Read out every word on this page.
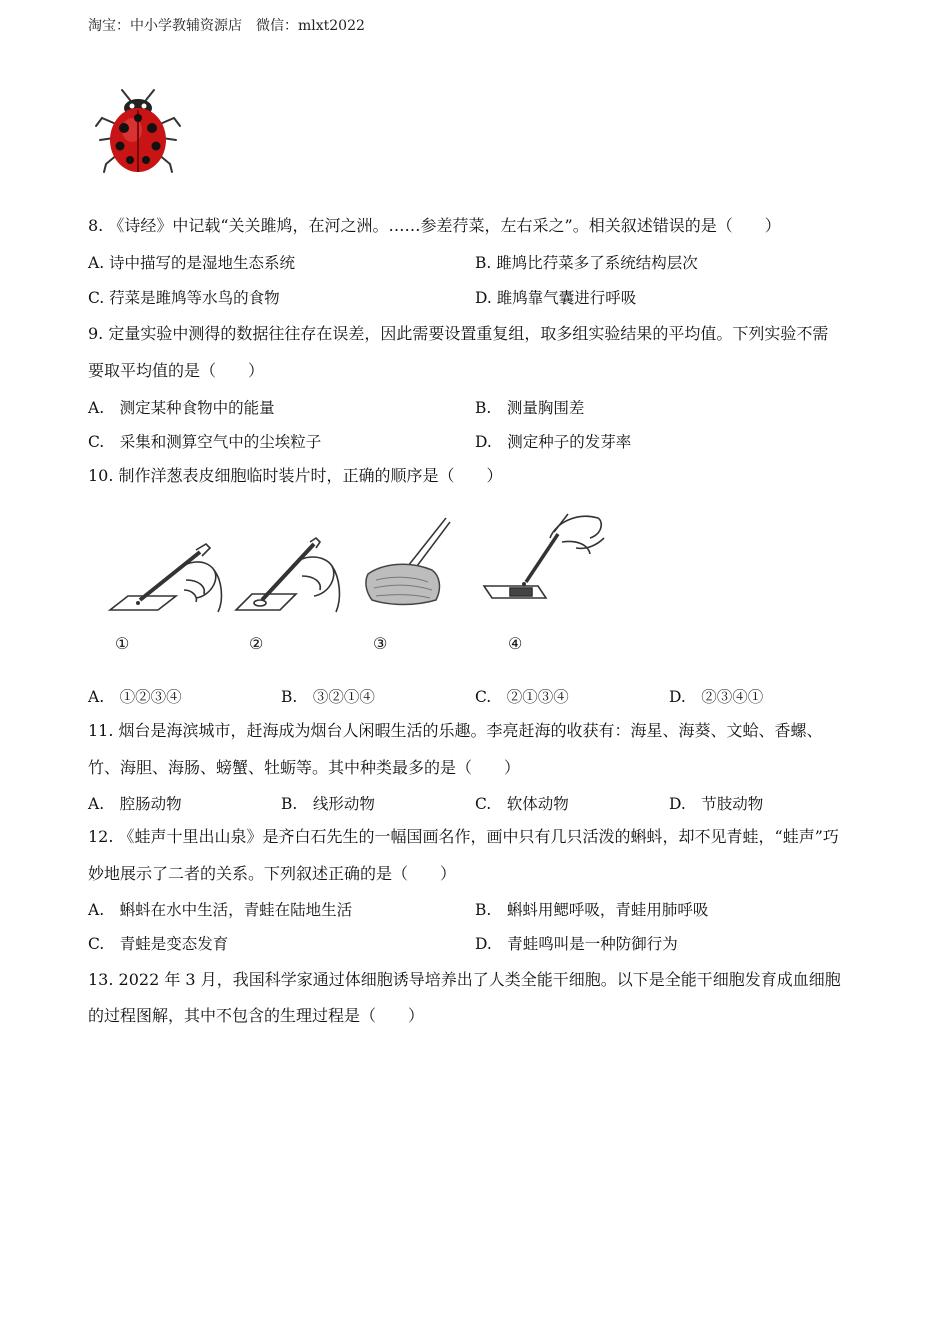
淘宝：中小学教辅资源店　微信：mlxt2022
8. 《诗经》中记载“关关雎鸠，在河之洲。……参差荇菜，左右采之”。相关叙述错误的是（　　）
A. 诗中描写的是湿地生态系统	B. 雎鸠比荇菜多了系统结构层次
C. 荇菜是雎鸠等水鸟的食物	D. 雎鸠靠气囊进行呼吸
9. 定量实验中测得的数据往往存在误差，因此需要设置重复组，取多组实验结果的平均值。下列实验不需
要取平均值的是（　　）
A.　测定某种食物中的能量	B.　测量胸围差
C.　采集和测算空气中的尘埃粒子	D.　测定种子的发芽率
10. 制作洋葱表皮细胞临时装片时，正确的顺序是（　　）
①	②	③	④
A.　①②③④	B.　③②①④	C.　②①③④	D.　②③④①
11. 烟台是海滨城市，赶海成为烟台人闲暇生活的乐趣。李亮赶海的收获有：海星、海葵、文蛤、香螺、
竹、海胆、海肠、螃蟹、牡蛎等。其中种类最多的是（　　）
A.　腔肠动物	B.　线形动物	C.　软体动物	D.　节肢动物
12. 《蛙声十里出山泉》是齐白石先生的一幅国画名作，画中只有几只活泼的蝌蚪，却不见青蛙，“蛙声”巧
妙地展示了二者的关系。下列叙述正确的是（　　）
A.　蝌蚪在水中生活，青蛙在陆地生活	B.　蝌蚪用鳃呼吸，青蛙用肺呼吸
C.　青蛙是变态发育	D.　青蛙鸣叫是一种防御行为
13. 2022 年 3 月，我国科学家通过体细胞诱导培养出了人类全能干细胞。以下是全能干细胞发育成血细胞
的过程图解，其中不包含的生理过程是（　　）
